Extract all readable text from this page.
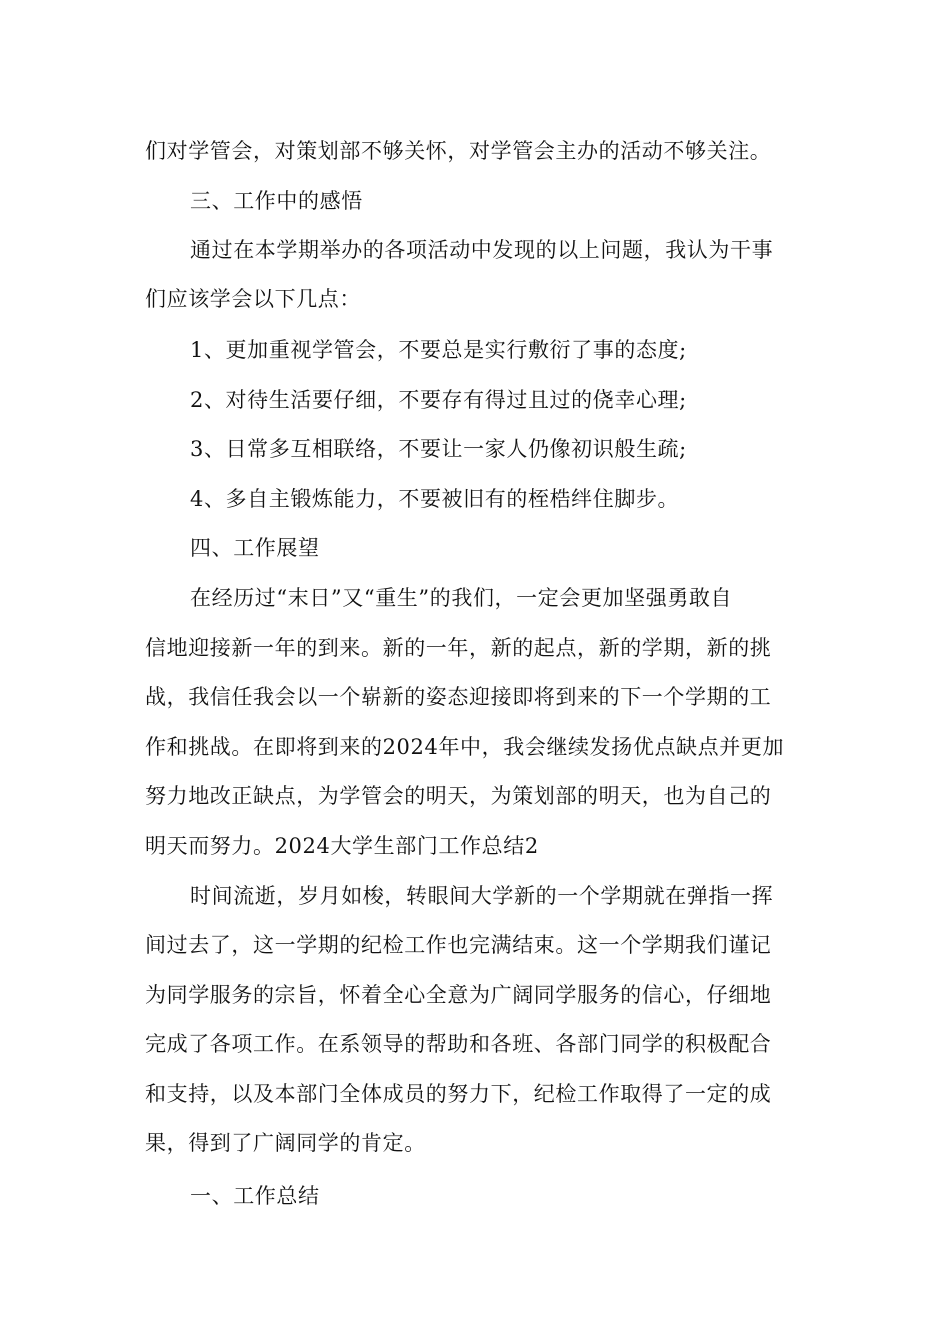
们对学管会，对策划部不够关怀，对学管会主办的活动不够关注。
三、工作中的感悟
通过在本学期举办的各项活动中发现的以上问题，我认为干事
们应该学会以下几点：
1、更加重视学管会，不要总是实行敷衍了事的态度;
2、对待生活要仔细，不要存有得过且过的侥幸心理;
3、日常多互相联络，不要让一家人仍像初识般生疏;
4、多自主锻炼能力，不要被旧有的桎梏绊住脚步。
四、工作展望
在经历过“末日”又“重生”的我们，一定会更加坚强勇敢自
信地迎接新一年的到来。新的一年，新的起点，新的学期，新的挑
战，我信任我会以一个崭新的姿态迎接即将到来的下一个学期的工
作和挑战。在即将到来的2024年中，我会继续发扬优点缺点并更加
努力地改正缺点，为学管会的明天，为策划部的明天，也为自己的
明天而努力。2024大学生部门工作总结2
时间流逝，岁月如梭，转眼间大学新的一个学期就在弹指一挥
间过去了，这一学期的纪检工作也完满结束。这一个学期我们谨记
为同学服务的宗旨，怀着全心全意为广阔同学服务的信心，仔细地
完成了各项工作。在系领导的帮助和各班、各部门同学的积极配合
和支持，以及本部门全体成员的努力下，纪检工作取得了一定的成
果，得到了广阔同学的肯定。
一、工作总结
